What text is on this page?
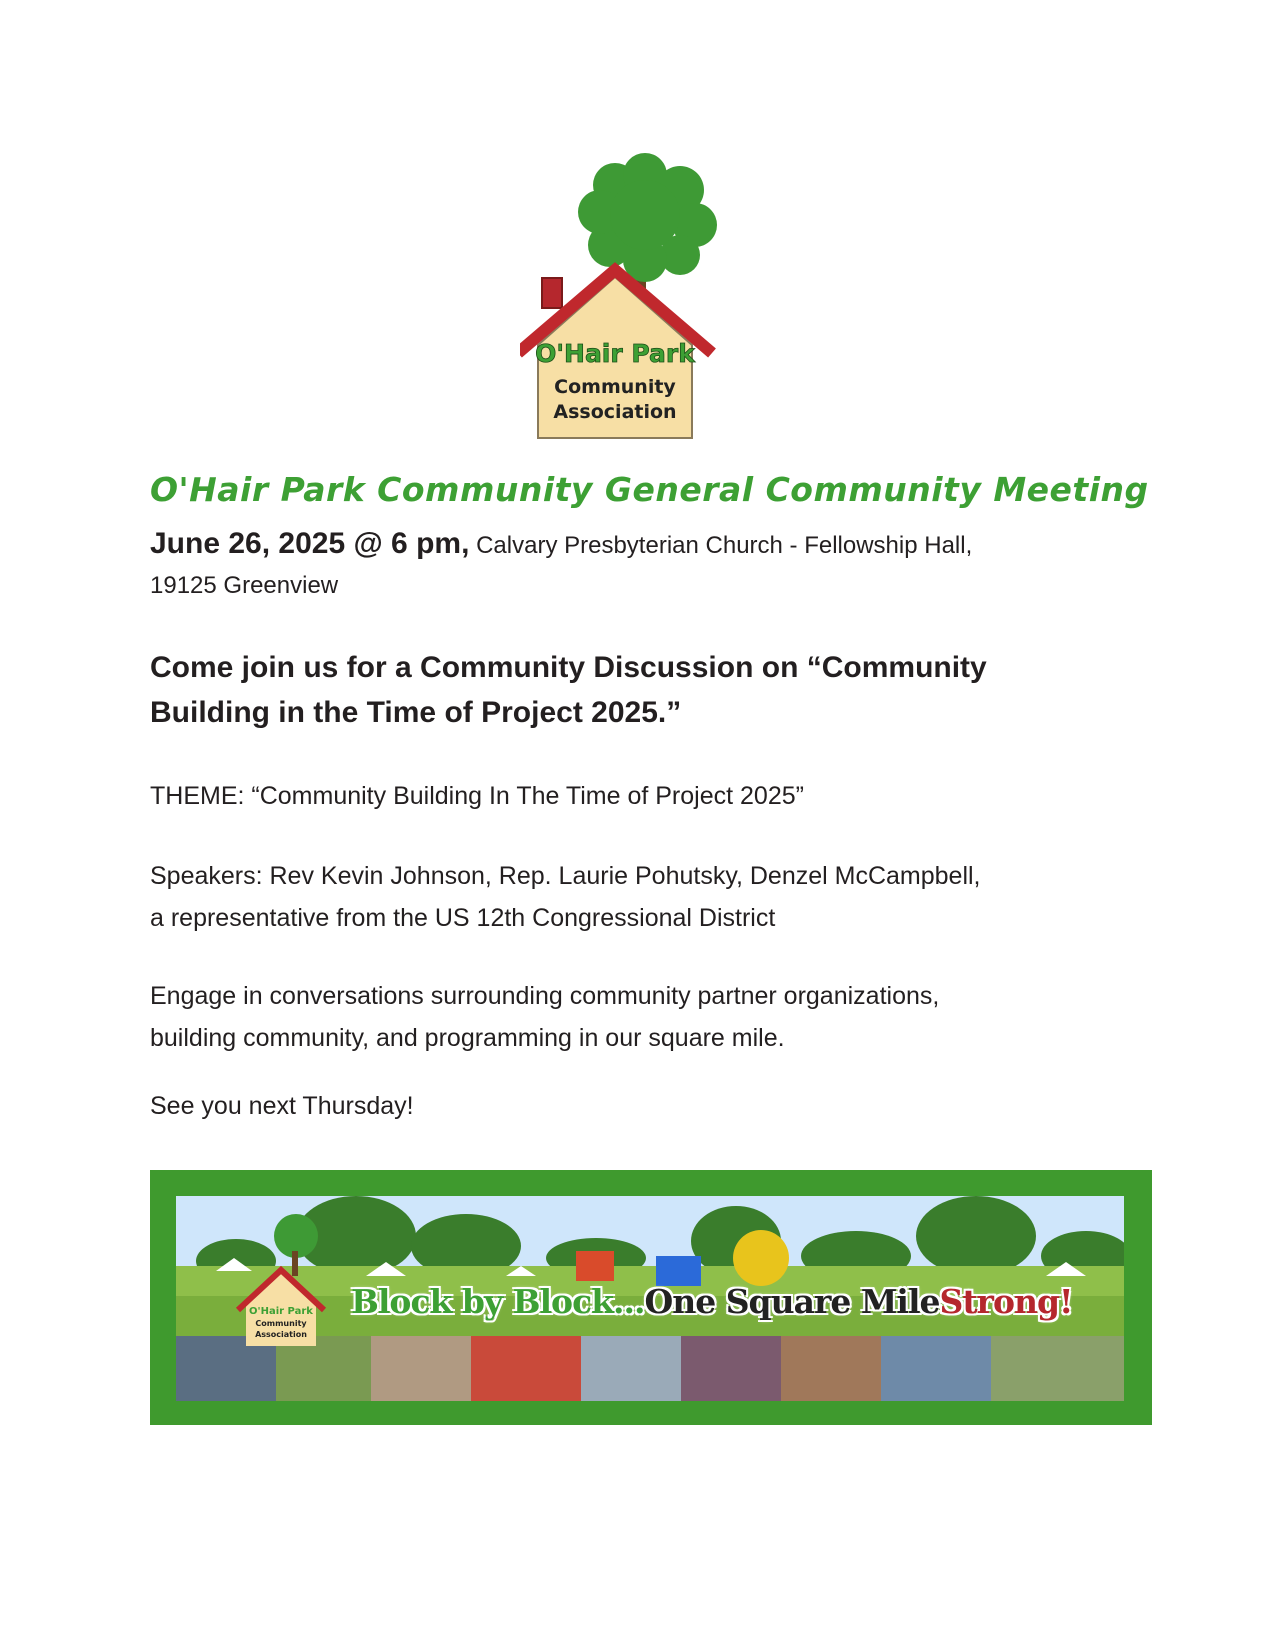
O'Hair Park
Community
Association
O'Hair Park Community General Community Meeting
June 26, 2025 @ 6 pm, Calvary Presbyterian Church - Fellowship Hall,
19125 Greenview
Come join us for a Community Discussion on “Community
Building in the Time of Project 2025.”
THEME: “Community Building In The Time of Project 2025”
Speakers: Rev Kevin Johnson, Rep. Laurie Pohutsky, Denzel McCampbell,
a representative from the US 12th Congressional District
Engage in conversations surrounding community partner organizations,
building community, and programming in our square mile.
See you next Thursday!
O'Hair Park
Community
Association
Block by Block...One Square MileStrong!
